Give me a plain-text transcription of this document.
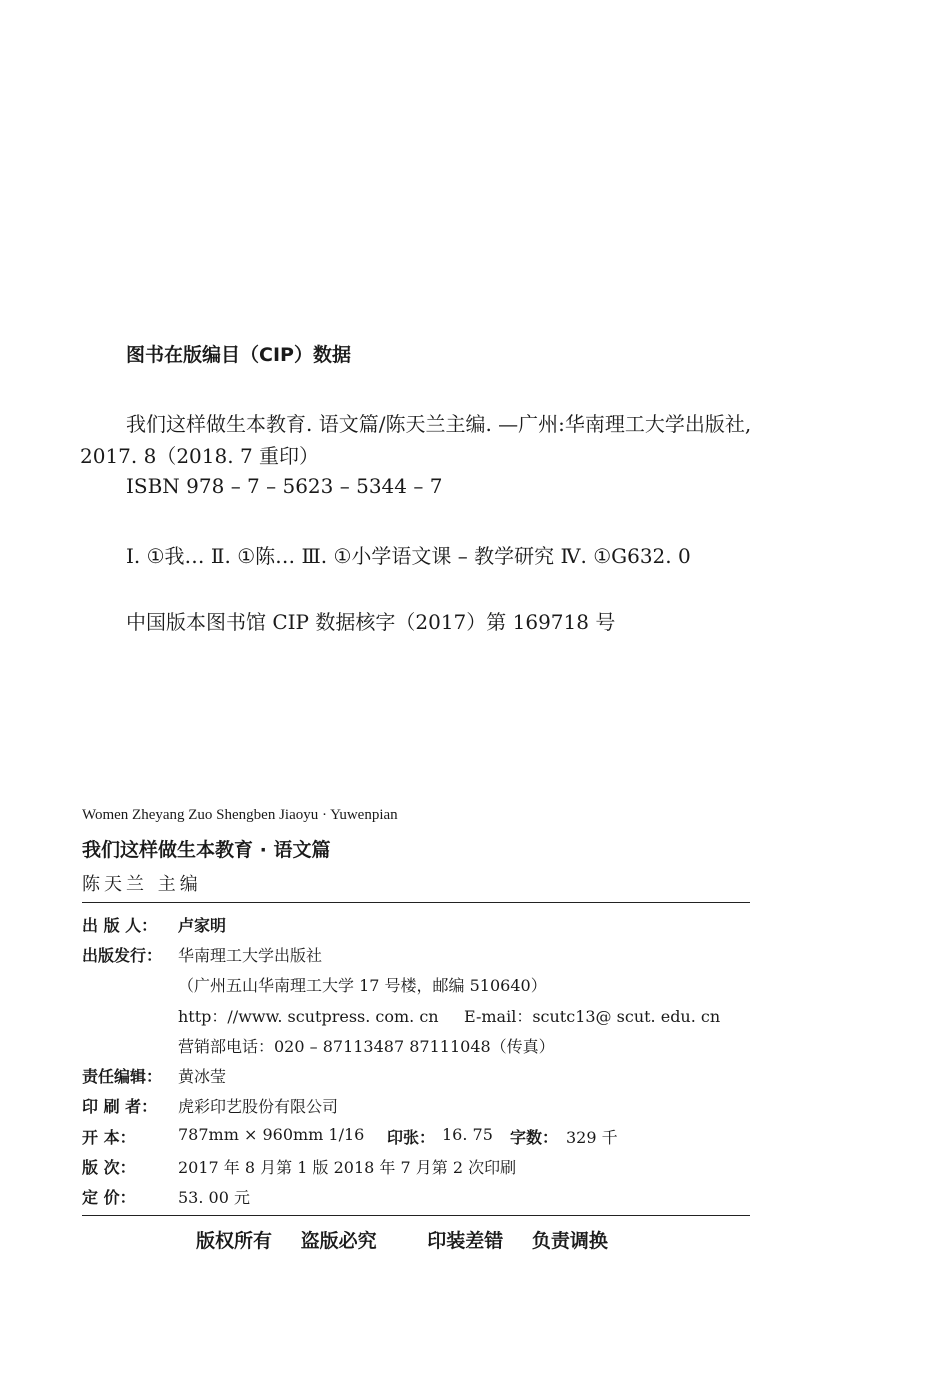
图书在版编目（CIP）数据
我们这样做生本教育. 语文篇/陈天兰主编. —广州:华南理工大学出版社,
2017. 8（2018. 7 重印）
ISBN 978 – 7 – 5623 – 5344 – 7
Ⅰ. ①我… Ⅱ. ①陈… Ⅲ. ①小学语文课 – 教学研究 Ⅳ. ①G632. 0
中国版本图书馆 CIP 数据核字（2017）第 169718 号
Women Zheyang Zuo Shengben Jiaoyu · Yuwenpian
我们这样做生本教育 · 语文篇
陈天兰 主编
出 版 人： 卢家明
出版发行： 华南理工大学出版社
（广州五山华南理工大学 17 号楼，邮编 510640）
http：//www. scutpress. com. cn E-mail：scutc13@ scut. edu. cn
营销部电话：020 – 87113487 87111048（传真）
责任编辑： 黄冰莹
印 刷 者： 虎彩印艺股份有限公司
开 本：	787mm × 960mm 1/16 印张： 16. 75 字数： 329 千
版 次：	2017 年 8 月第 1 版 2018 年 7 月第 2 次印刷
定 价：	53. 00 元
版权所有 盗版必究	印装差错 负责调换
